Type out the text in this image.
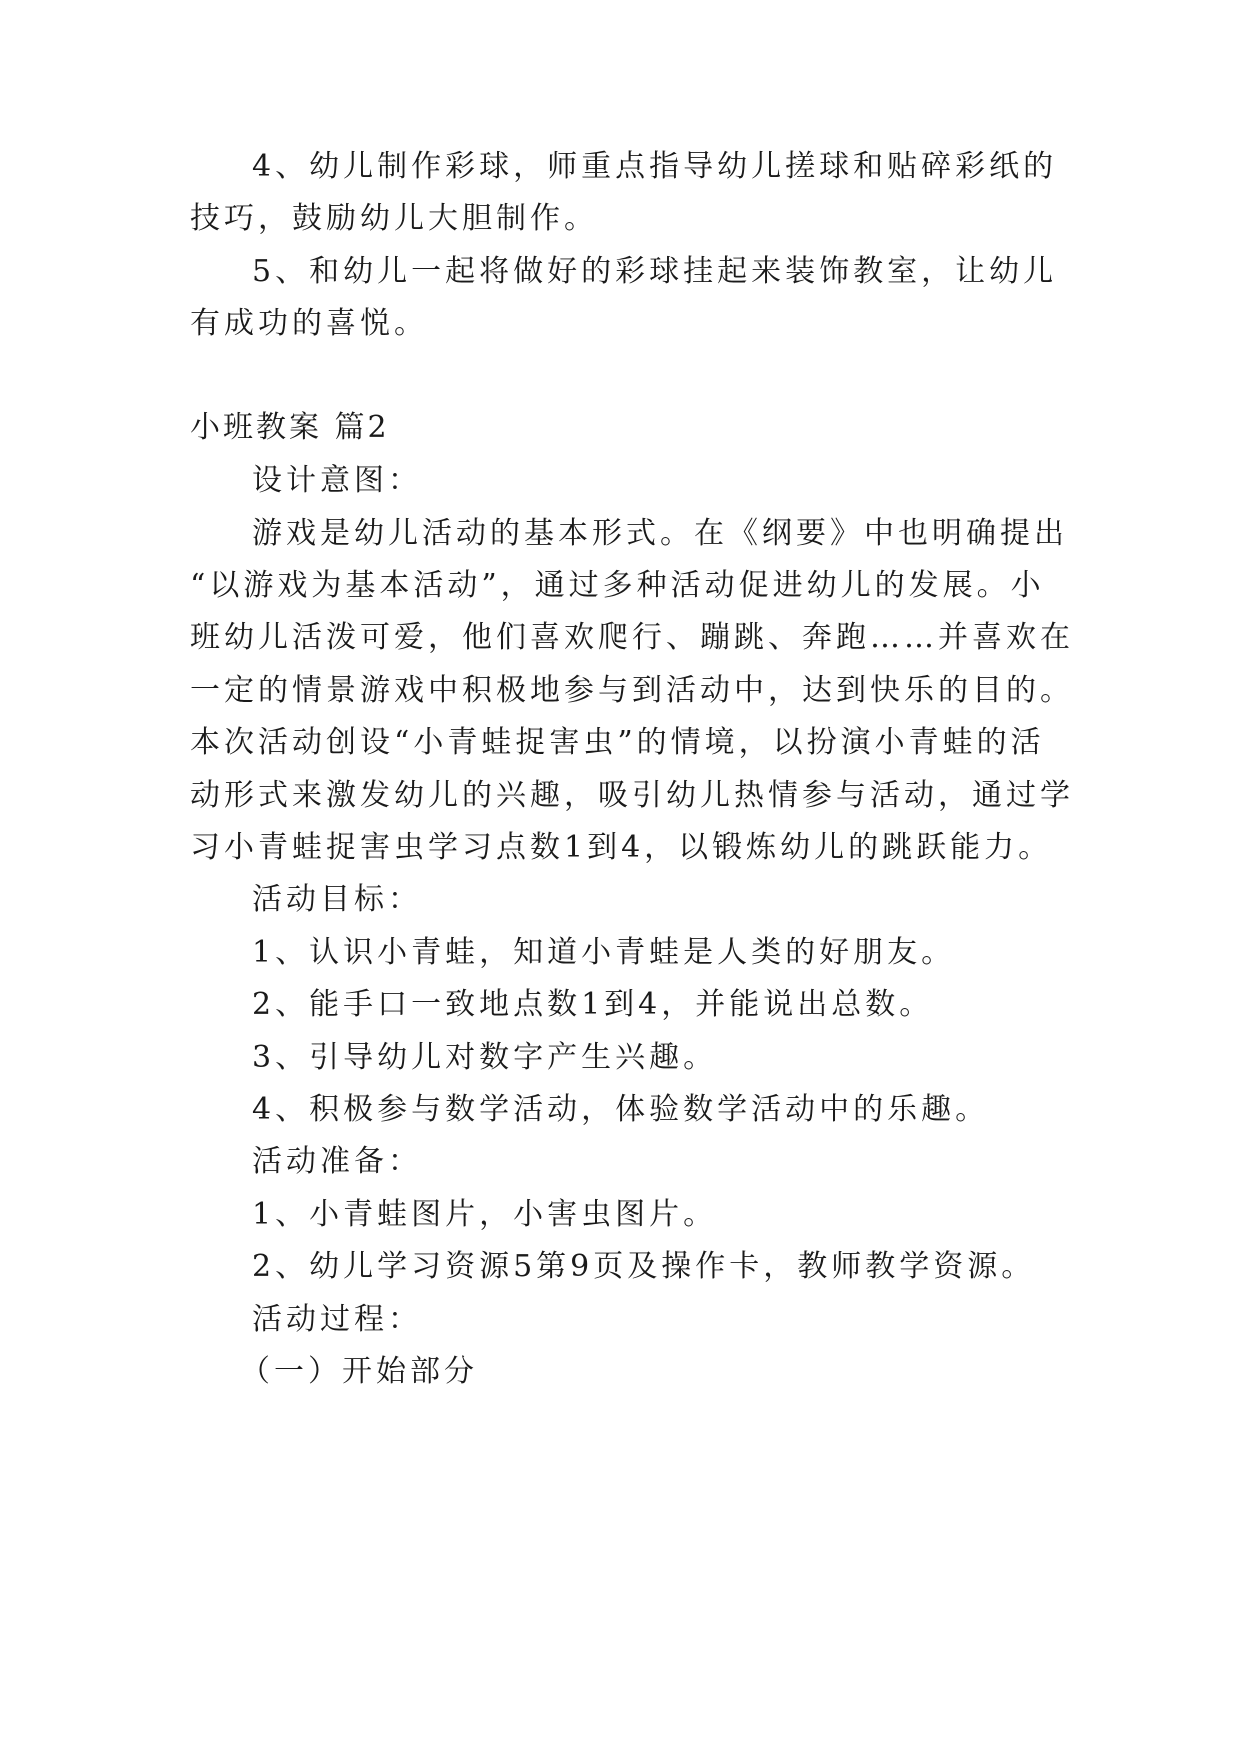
4、幼儿制作彩球，师重点指导幼儿搓球和贴碎彩纸的
技巧，鼓励幼儿大胆制作。
5、和幼儿一起将做好的彩球挂起来装饰教室，让幼儿
有成功的喜悦。
小班教案 篇2
设计意图：
游戏是幼儿活动的基本形式。在《纲要》中也明确提出
“以游戏为基本活动”，通过多种活动促进幼儿的发展。小
班幼儿活泼可爱，他们喜欢爬行、蹦跳、奔跑……并喜欢在
一定的情景游戏中积极地参与到活动中，达到快乐的目的。
本次活动创设“小青蛙捉害虫”的情境，以扮演小青蛙的活
动形式来激发幼儿的兴趣，吸引幼儿热情参与活动，通过学
习小青蛙捉害虫学习点数1到4，以锻炼幼儿的跳跃能力。
活动目标：
1、认识小青蛙，知道小青蛙是人类的好朋友。
2、能手口一致地点数1到4，并能说出总数。
3、引导幼儿对数字产生兴趣。
4、积极参与数学活动，体验数学活动中的乐趣。
活动准备：
1、小青蛙图片，小害虫图片。
2、幼儿学习资源5第9页及操作卡，教师教学资源。
活动过程：
（一）开始部分
